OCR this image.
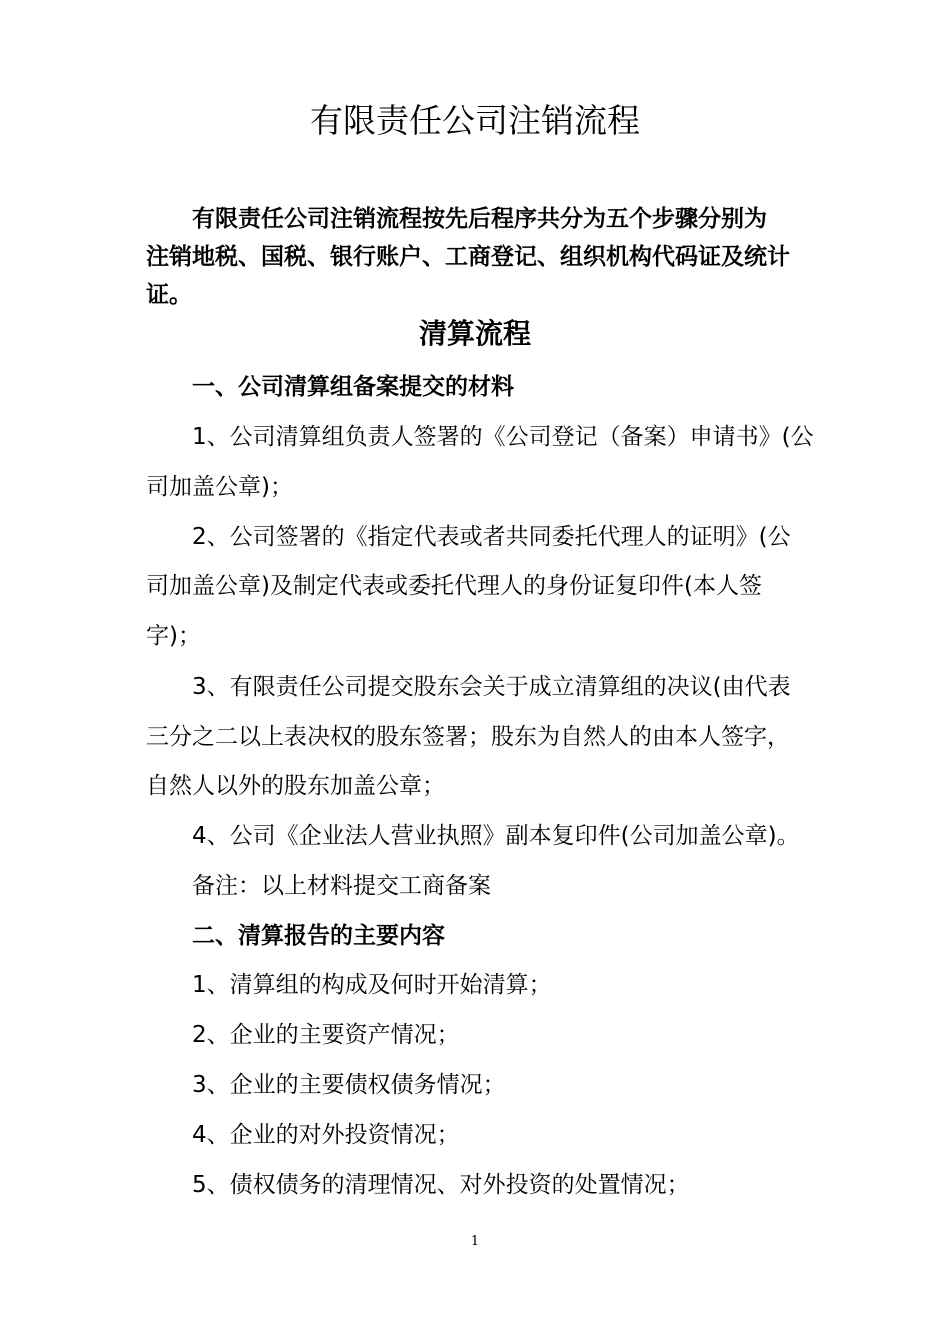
有限责任公司注销流程
有限责任公司注销流程按先后程序共分为五个步骤分别为
注销地税、国税、银行账户、工商登记、组织机构代码证及统计
证。
清算流程
一、公司清算组备案提交的材料
1、公司清算组负责人签署的《公司登记（备案）申请书》(公
司加盖公章)；
2、公司签署的《指定代表或者共同委托代理人的证明》(公
司加盖公章)及制定代表或委托代理人的身份证复印件(本人签
字)；
3、有限责任公司提交股东会关于成立清算组的决议(由代表
三分之二以上表决权的股东签署；股东为自然人的由本人签字，
自然人以外的股东加盖公章；
4、公司《企业法人营业执照》副本复印件(公司加盖公章)。
备注：以上材料提交工商备案
二、清算报告的主要内容
1、清算组的构成及何时开始清算；
2、企业的主要资产情况；
3、企业的主要债权债务情况；
4、企业的对外投资情况；
5、债权债务的清理情况、对外投资的处置情况；
1
